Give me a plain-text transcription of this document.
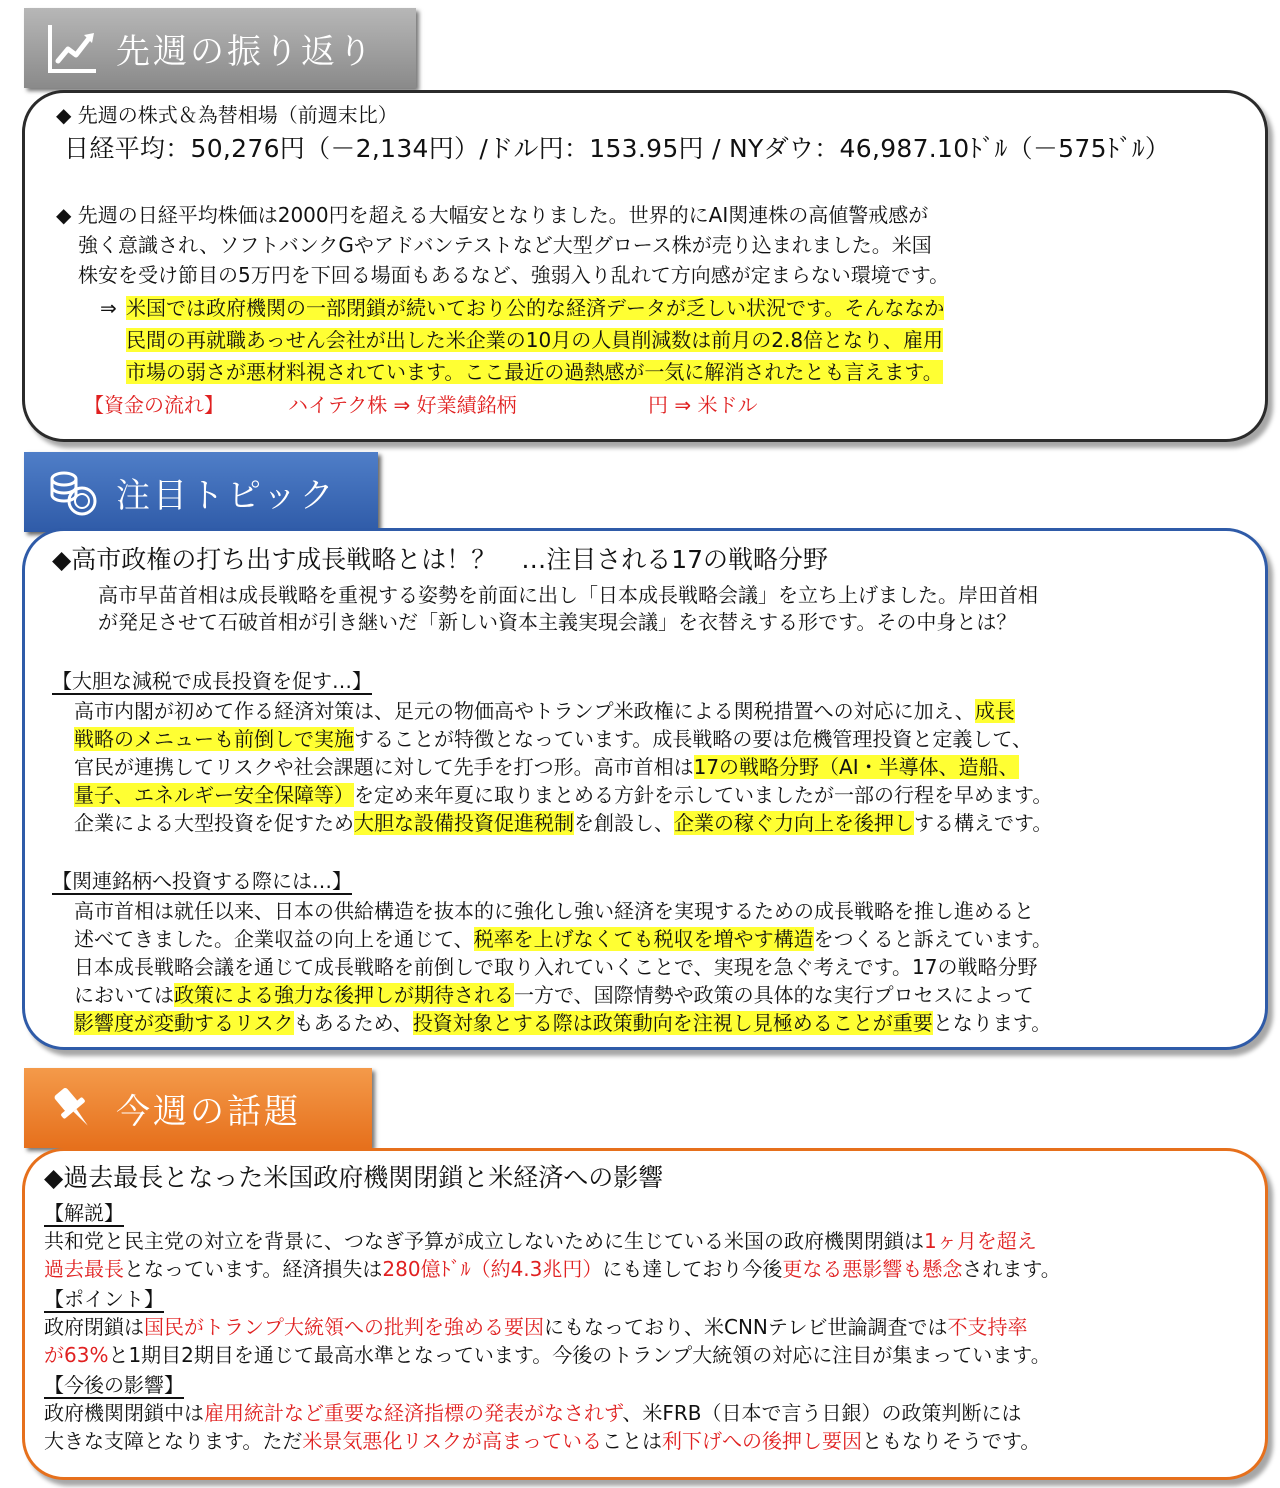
先週の振り返り
◆ 先週の株式＆為替相場（前週末比）
日経平均：50,276円（－2,134円）/ドル円：153.95円 / NYダウ：46,987.10ﾄﾞﾙ（－575ﾄﾞﾙ）
◆ 先週の日経平均株価は2000円を超える大幅安となりました。世界的にAI関連株の高値警戒感が
強く意識され、ソフトバンクGやアドバンテストなど大型グロース株が売り込まれました。米国
株安を受け節目の5万円を下回る場面もあるなど、強弱入り乱れて方向感が定まらない環境です。
⇒ 米国では政府機関の一部閉鎖が続いており公的な経済データが乏しい状況です。そんななか
民間の再就職あっせん会社が出した米企業の10月の人員削減数は前月の2.8倍となり、雇用
市場の弱さが悪材料視されています。ここ最近の過熱感が一気に解消されたとも言えます。
【資金の流れ】	ハイテク株 ⇒ 好業績銘柄	円 ⇒ 米ドル
注目トピック
◆高市政権の打ち出す成長戦略とは！？　…注目される17の戦略分野
高市早苗首相は成長戦略を重視する姿勢を前面に出し「日本成長戦略会議」を立ち上げました。岸田首相
が発足させて石破首相が引き継いだ「新しい資本主義実現会議」を衣替えする形です。その中身とは？
【大胆な減税で成長投資を促す…】
高市内閣が初めて作る経済対策は、足元の物価高やトランプ米政権による関税措置への対応に加え、成長
戦略のメニューも前倒しで実施することが特徴となっています。成長戦略の要は危機管理投資と定義して、
官民が連携してリスクや社会課題に対して先手を打つ形。高市首相は17の戦略分野（AI・半導体、造船、
量子、エネルギー安全保障等）を定め来年夏に取りまとめる方針を示していましたが一部の行程を早めます。
企業による大型投資を促すため大胆な設備投資促進税制を創設し、企業の稼ぐ力向上を後押しする構えです。
【関連銘柄へ投資する際には…】
高市首相は就任以来、日本の供給構造を抜本的に強化し強い経済を実現するための成長戦略を推し進めると
述べてきました。企業収益の向上を通じて、税率を上げなくても税収を増やす構造をつくると訴えています。
日本成長戦略会議を通じて成長戦略を前倒しで取り入れていくことで、実現を急ぐ考えです。17の戦略分野
においては政策による強力な後押しが期待される一方で、国際情勢や政策の具体的な実行プロセスによって
影響度が変動するリスクもあるため、投資対象とする際は政策動向を注視し見極めることが重要となります。
今週の話題
◆過去最長となった米国政府機関閉鎖と米経済への影響
【解説】
共和党と民主党の対立を背景に、つなぎ予算が成立しないために生じている米国の政府機関閉鎖は1ヶ月を超え
過去最長となっています。経済損失は280億ﾄﾞﾙ（約4.3兆円）にも達しており今後更なる悪影響も懸念されます。
【ポイント】
政府閉鎖は国民がトランプ大統領への批判を強める要因にもなっており、米CNNテレビ世論調査では不支持率
が63%と1期目2期目を通じて最高水準となっています。今後のトランプ大統領の対応に注目が集まっています。
【今後の影響】
政府機関閉鎖中は雇用統計など重要な経済指標の発表がなされず、米FRB（日本で言う日銀）の政策判断には
大きな支障となります。ただ米景気悪化リスクが高まっていることは利下げへの後押し要因ともなりそうです。
